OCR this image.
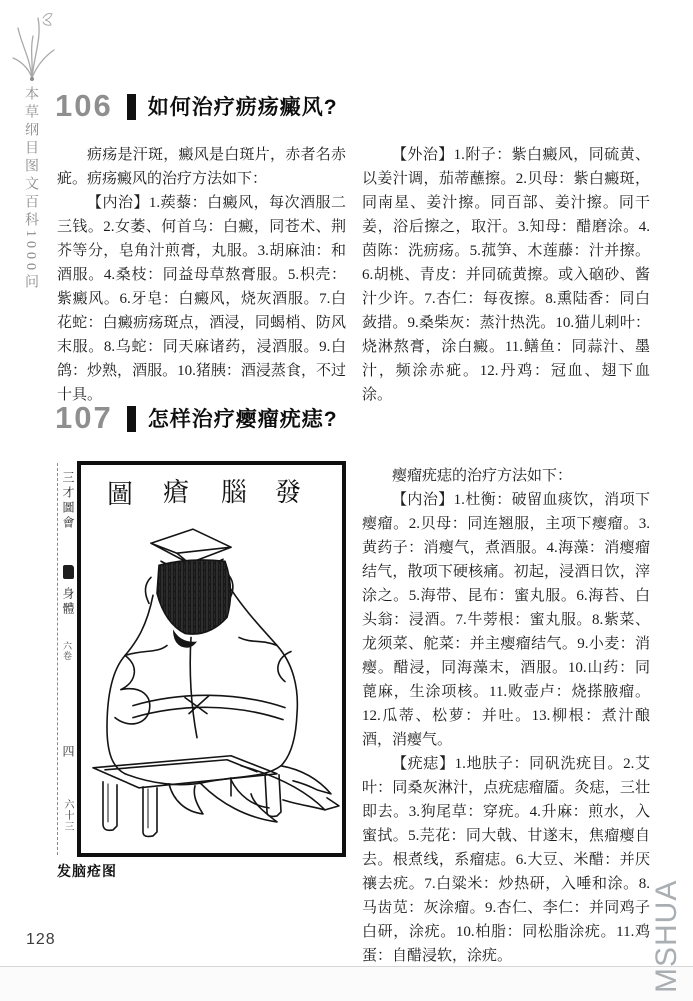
本草纲目图文百科1000问 106 如何治疗疬疡癜风?

疬疡是汗斑，癜风是白斑片，赤者名赤疵。疬疡癜风的治疗方法如下：

【内治】1.蒺藜：白癜风，每次酒服二三钱。2.女萎、何首乌：白癜，同苍术、荆芥等分，皂角汁煎膏，丸服。3.胡麻油：和酒服。4.桑枝：同益母草熬膏服。5.枳壳：紫癜风。6.牙皂：白癜风，烧灰酒服。7.白花蛇：白癜疬疡斑点，酒浸，同蝎梢、防风末服。8.乌蛇：同天麻诸药，浸酒服。9.白鸽：炒熟，酒服。10.猪胰：酒浸蒸食，不过十具。

【外治】1.附子：紫白癜风，同硫黄、以姜汁调，茄蒂蘸擦。2.贝母：紫白癜斑，同南星、姜汁擦。同百部、姜汁擦。同干姜，浴后擦之，取汗。3.知母：醋磨涂。4.茵陈：洗疬疡。5.菰笋、木莲藤：汁并擦。6.胡桃、青皮：并同硫黄擦。或入硇砂、酱汁少许。7.杏仁：每夜擦。8.熏陆香：同白蔹措。9.桑柴灰：蒸汁热洗。10.猫儿刺叶：烧淋熬膏，涂白癜。11.鳝鱼：同蒜汁、墨汁，频涂赤疵。12.丹鸡：冠血、翅下血涂。

107 怎样治疗瘿瘤疣痣?
三才圖會
身體
六卷
四
六十三
圖 瘡 腦 發
发脑疮图

瘿瘤疣痣的治疗方法如下：

【内治】1.杜衡：破留血痰饮，消项下瘿瘤。2.贝母：同连翘服，主项下瘿瘤。3.黄药子：消瘿气，煮酒服。4.海藻：消瘿瘤结气，散项下硬核痛。初起，浸酒日饮，滓涂之。5.海带、昆布：蜜丸服。6.海苔、白头翁：浸酒。7.牛蒡根：蜜丸服。8.紫菜、龙须菜、舵菜：并主瘿瘤结气。9.小麦：消瘿。醋浸，同海藻末，酒服。10.山药：同蓖麻，生涂项核。11.败壶卢：烧搽腋瘤。12.瓜蒂、松萝：并吐。13.柳根：煮汁酿酒，消瘿气。

【疣痣】1.地肤子：同矾洗疣目。2.艾叶：同桑灰淋汁，点疣痣瘤靥。灸痣，三壮即去。3.狗尾草：穿疣。4.升麻：煎水，入蜜拭。5.芫花：同大戟、甘遂末，焦瘤瘿自去。根煮线，系瘤痣。6.大豆、米醋：并厌禳去疣。7.白粱米：炒热研，入唾和涂。8.马齿苋：灰涂瘤。9.杏仁、李仁：并同鸡子白研，涂疣。10.柏脂：同松脂涂疣。11.鸡蛋：自醋浸软，涂疣。

128	MSHUA
